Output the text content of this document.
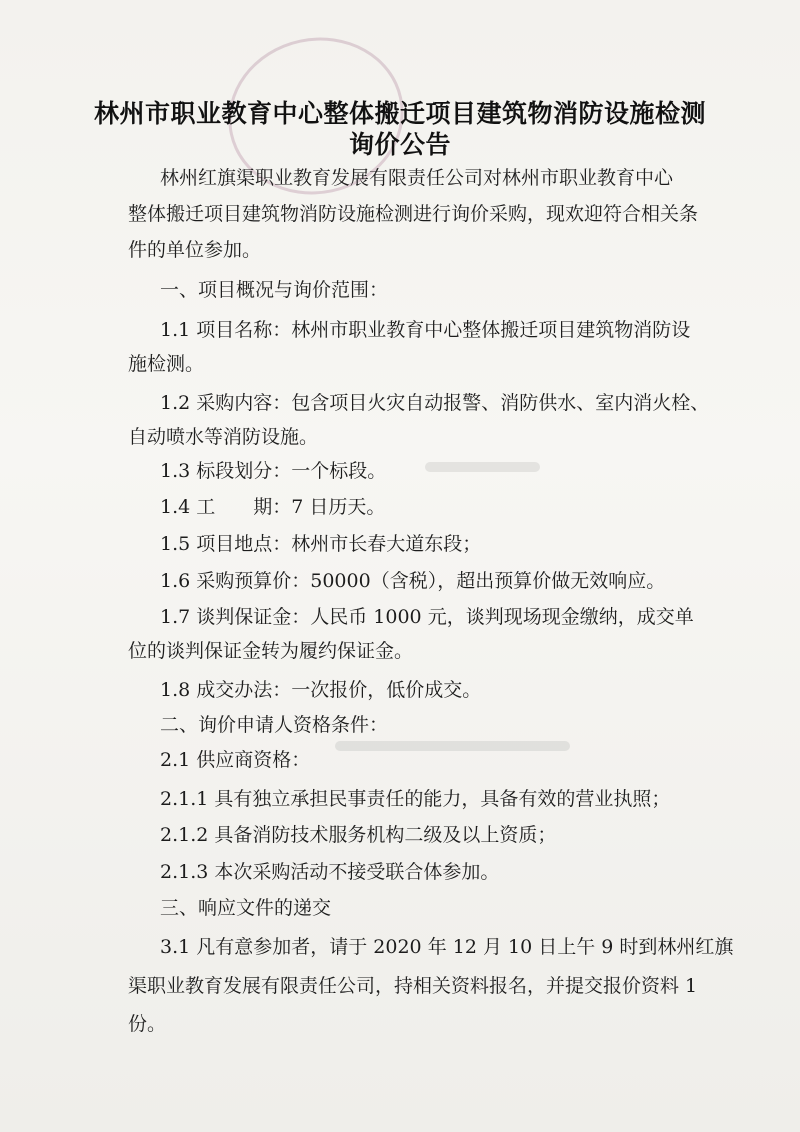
林州市职业教育中心整体搬迁项目建筑物消防设施检测
询价公告
林州红旗渠职业教育发展有限责任公司对林州市职业教育中心
整体搬迁项目建筑物消防设施检测进行询价采购，现欢迎符合相关条
件的单位参加。
一、项目概况与询价范围：
1.1 项目名称：林州市职业教育中心整体搬迁项目建筑物消防设
施检测。
1.2 采购内容：包含项目火灾自动报警、消防供水、室内消火栓、
自动喷水等消防设施。
1.3 标段划分：一个标段。
1.4 工　　期：7 日历天。
1.5 项目地点：林州市长春大道东段；
1.6 采购预算价：50000（含税），超出预算价做无效响应。
1.7 谈判保证金：人民币 1000 元，谈判现场现金缴纳，成交单
位的谈判保证金转为履约保证金。
1.8 成交办法：一次报价，低价成交。
二、询价申请人资格条件：
2.1 供应商资格：
2.1.1 具有独立承担民事责任的能力，具备有效的营业执照；
2.1.2 具备消防技术服务机构二级及以上资质；
2.1.3 本次采购活动不接受联合体参加。
三、响应文件的递交
3.1 凡有意参加者，请于 2020 年 12 月 10 日上午 9 时到林州红旗
渠职业教育发展有限责任公司，持相关资料报名，并提交报价资料 1
份。
